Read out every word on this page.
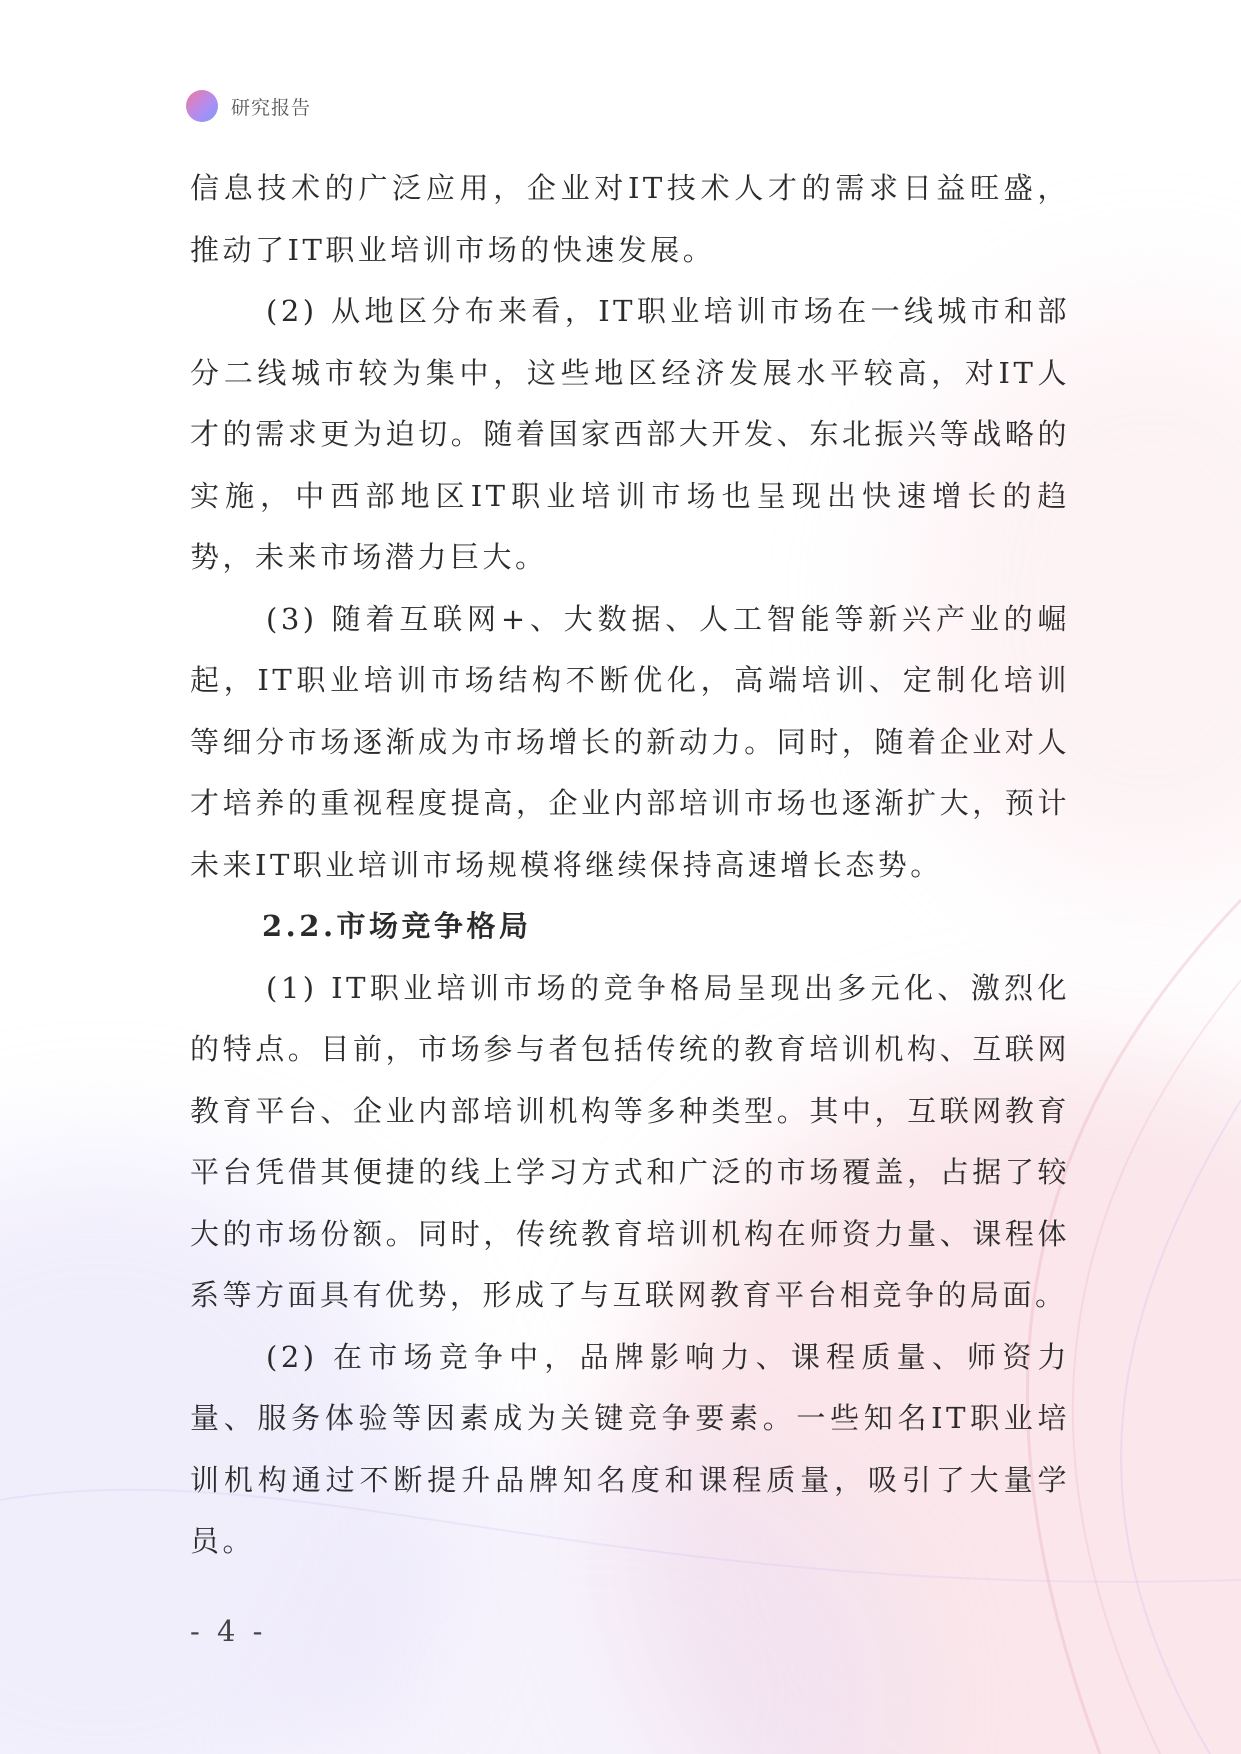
研究报告

信息技术的广泛应用，企业对IT技术人才的需求日益旺盛，推动了IT职业培训市场的快速发展。

(2) 从地区分布来看，IT职业培训市场在一线城市和部分二线城市较为集中，这些地区经济发展水平较高，对IT人才的需求更为迫切。随着国家西部大开发、东北振兴等战略的实施，中西部地区IT职业培训市场也呈现出快速增长的趋势，未来市场潜力巨大。

(3) 随着互联网+、大数据、人工智能等新兴产业的崛起，IT职业培训市场结构不断优化，高端培训、定制化培训等细分市场逐渐成为市场增长的新动力。同时，随着企业对人才培养的重视程度提高，企业内部培训市场也逐渐扩大，预计未来IT职业培训市场规模将继续保持高速增长态势。

2.2.市场竞争格局

(1) IT职业培训市场的竞争格局呈现出多元化、激烈化的特点。目前，市场参与者包括传统的教育培训机构、互联网教育平台、企业内部培训机构等多种类型。其中，互联网教育平台凭借其便捷的线上学习方式和广泛的市场覆盖，占据了较大的市场份额。同时，传统教育培训机构在师资力量、课程体系等方面具有优势，形成了与互联网教育平台相竞争的局面。

(2) 在市场竞争中，品牌影响力、课程质量、师资力量、服务体验等因素成为关键竞争要素。一些知名IT职业培训机构通过不断提升品牌知名度和课程质量，吸引了大量学员。

- 4 -
